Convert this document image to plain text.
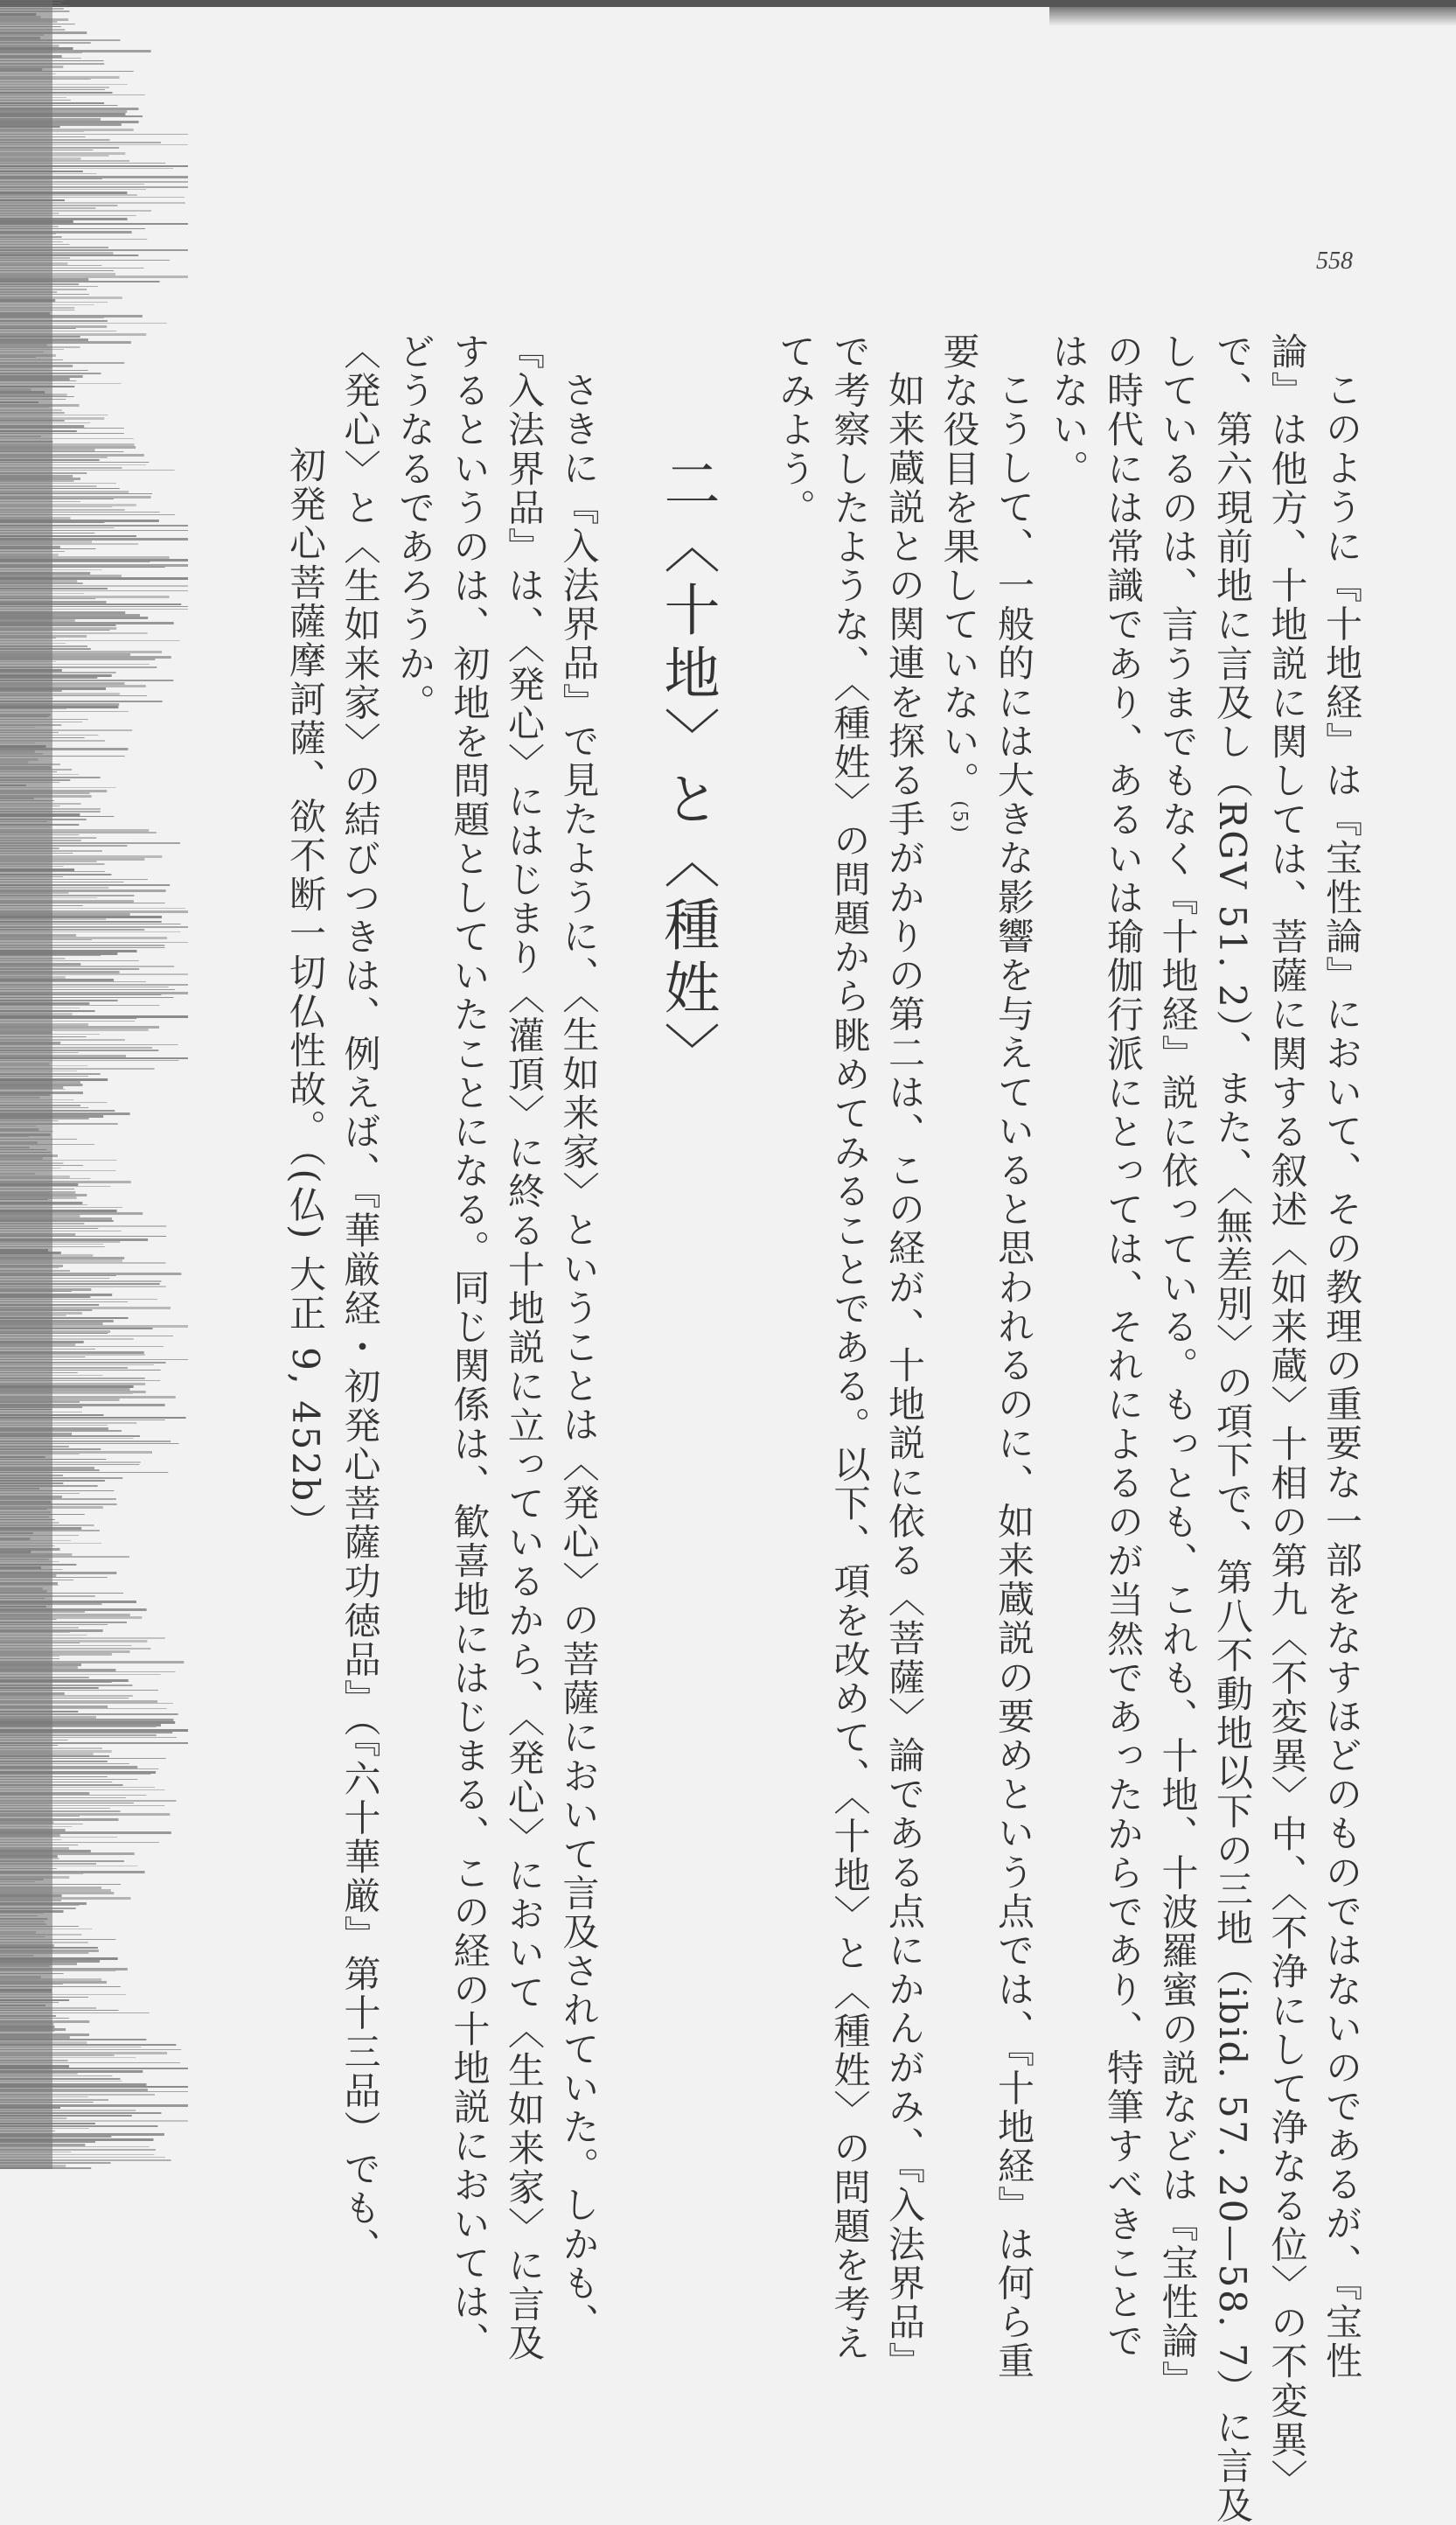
558

このように『十地経』は『宝性論』において、その教理の重要な一部をなすほどのものではないのであるが、『宝性

論』は他方、十地説に関しては、菩薩に関する叙述〈如来蔵〉十相の第九〈不変異〉中、〈不浄にして浄なる位〉の不変異〉

で、第六現前地に言及し（RGV 51. 2）、また、〈無差別〉の項下で、第八不動地以下の三地（ibid. 57. 20—58. 7）に言及

しているのは、言うまでもなく『十地経』説に依っている。もっとも、これも、十地、十波羅蜜の説などは『宝性論』

の時代には常識であり、あるいは瑜伽行派にとっては、それによるのが当然であったからであり、特筆すべきことで

はない。

こうして、一般的には大きな影響を与えていると思われるのに、如来蔵説の要めという点では、『十地経』は何ら重

要な役目を果していない。(5)

如来蔵説との関連を探る手がかりの第二は、この経が、十地説に依る〈菩薩〉論である点にかんがみ、『入法界品』

で考察したような、〈種姓〉の問題から眺めてみることである。以下、項を改めて、〈十地〉と〈種姓〉の問題を考え

てみよう。

二〈十地〉と〈種姓〉

さきに『入法界品』で見たように、〈生如来家〉ということは〈発心〉の菩薩において言及されていた。しかも、

『入法界品』は、〈発心〉にはじまり〈灌頂〉に終る十地説に立っているから、〈発心〉において〈生如来家〉に言及

するというのは、初地を問題としていたことになる。同じ関係は、歓喜地にはじまる、この経の十地説においては、

どうなるであろうか。

〈発心〉と〈生如来家〉の結びつきは、例えば、『華厳経・初発心菩薩功徳品』（『六十華厳』第十三品）でも、

初発心菩薩摩訶薩、欲不断一切仏性故。（(仏) 大正 9, 452b）
